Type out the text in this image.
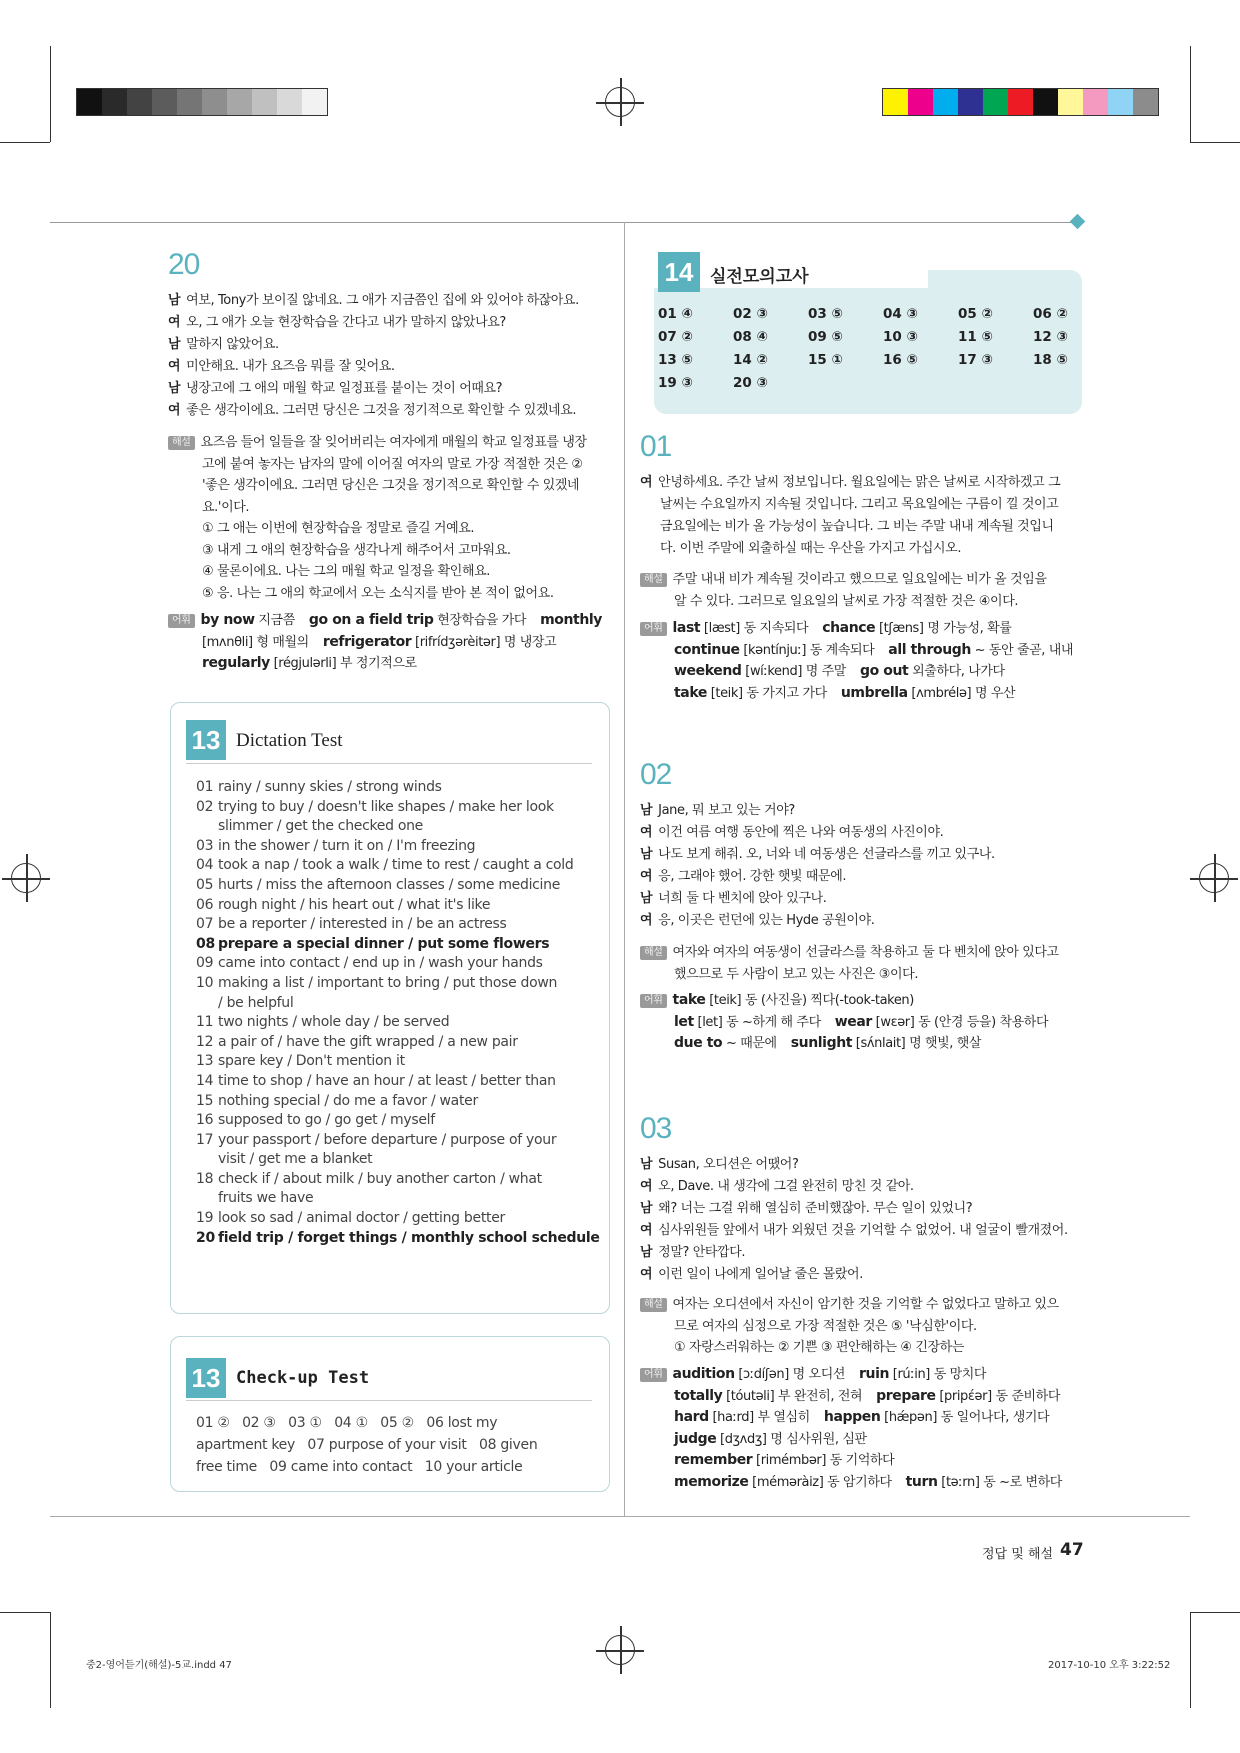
20
남 여보, Tony가 보이질 않네요. 그 애가 지금쯤인 집에 와 있어야 하잖아요.
여 오, 그 애가 오늘 현장학습을 간다고 내가 말하지 않았나요?
남 말하지 않았어요.
여 미안해요. 내가 요즈음 뭐를 잘 잊어요.
남 냉장고에 그 애의 매월 학교 일정표를 붙이는 것이 어때요?
여 좋은 생각이에요. 그러면 당신은 그것을 정기적으로 확인할 수 있겠네요.
해설 요즈음 들어 일들을 잘 잊어버리는 여자에게 매월의 학교 일정표를 냉장
고에 붙여 놓자는 남자의 말에 이어질 여자의 말로 가장 적절한 것은 ②
'좋은 생각이에요. 그러면 당신은 그것을 정기적으로 확인할 수 있겠네
요.'이다.
① 그 애는 이번에 현장학습을 정말로 즐길 거예요.
③ 내게 그 애의 현장학습을 생각나게 해주어서 고마워요.
④ 물론이에요. 나는 그의 매월 학교 일정을 확인해요.
⑤ 응. 나는 그 애의 학교에서 오는 소식지를 받아 본 적이 없어요.
어휘 by now 지금쯤 go on a field trip 현장학습을 가다 monthly
[mʌnθli] 형 매월의 refrigerator [rifrídʒərèitər] 명 냉장고
regularly [régjulərli] 부 정기적으로
13 Dictation Test
01 rainy / sunny skies / strong winds
02 trying to buy / doesn't like shapes / make her look
slimmer / get the checked one
03 in the shower / turn it on / I'm freezing
04 took a nap / took a walk / time to rest / caught a cold
05 hurts / miss the afternoon classes / some medicine
06 rough night / his heart out / what it's like
07 be a reporter / interested in / be an actress
08 prepare a special dinner / put some flowers
09 came into contact / end up in / wash your hands
10 making a list / important to bring / put those down
/ be helpful
11 two nights / whole day / be served
12 a pair of / have the gift wrapped / a new pair
13 spare key / Don't mention it
14 time to shop / have an hour / at least / better than
15 nothing special / do me a favor / water
16 supposed to go / go get / myself
17 your passport / before departure / purpose of your
visit / get me a blanket
18 check if / about milk / buy another carton / what
fruits we have
19 look so sad / animal doctor / getting better
20 field trip / forget things / monthly school schedule
13 Check-up Test
01 ②   02 ③   03 ①   04 ①   05 ②   06 lost my
apartment key   07 purpose of your visit   08 given
free time   09 came into contact   10 your article
14 실전모의고사
01 ④	02 ③	03 ⑤	04 ③	05 ②	06 ②
07 ②	08 ④	09 ⑤	10 ③	11 ⑤	12 ③
13 ⑤	14 ②	15 ①	16 ⑤	17 ③	18 ⑤
19 ③	20 ③
01
여 안녕하세요. 주간 날씨 정보입니다. 월요일에는 맑은 날씨로 시작하겠고 그
날씨는 수요일까지 지속될 것입니다. 그리고 목요일에는 구름이 낄 것이고
금요일에는 비가 올 가능성이 높습니다. 그 비는 주말 내내 계속될 것입니
다. 이번 주말에 외출하실 때는 우산을 가지고 가십시오.
해설 주말 내내 비가 계속될 것이라고 했으므로 일요일에는 비가 올 것임을
알 수 있다. 그러므로 일요일의 날씨로 가장 적절한 것은 ④이다.
어휘 last [læst] 동 지속되다 chance [tʃæns] 명 가능성, 확률
continue [kəntínjuː] 동 계속되다 all through ~ 동안 줄곧, 내내
weekend [wíːkend] 명 주말 go out 외출하다, 나가다
take [teik] 동 가지고 가다 umbrella [ʌmbrélə] 명 우산
02
남 Jane, 뭐 보고 있는 거야?
여 이건 여름 여행 동안에 찍은 나와 여동생의 사진이야.
남 나도 보게 해줘. 오, 너와 네 여동생은 선글라스를 끼고 있구나.
여 응, 그래야 했어. 강한 햇빛 때문에.
남 너희 둘 다 벤치에 앉아 있구나.
여 응, 이곳은 런던에 있는 Hyde 공원이야.
해설 여자와 여자의 여동생이 선글라스를 착용하고 둘 다 벤치에 앉아 있다고
했으므로 두 사람이 보고 있는 사진은 ③이다.
어휘 take [teik] 동 (사진을) 찍다(-took-taken)
let [let] 동 ~하게 해 주다 wear [wɛər] 동 (안경 등을) 착용하다
due to ~ 때문에 sunlight [sʌ́nlait] 명 햇빛, 햇살
03
남 Susan, 오디션은 어땠어?
여 오, Dave. 내 생각에 그걸 완전히 망친 것 같아.
남 왜? 너는 그걸 위해 열심히 준비했잖아. 무슨 일이 있었니?
여 심사위원들 앞에서 내가 외웠던 것을 기억할 수 없었어. 내 얼굴이 빨개졌어.
남 정말? 안타깝다.
여 이런 일이 나에게 일어날 줄은 몰랐어.
해설 여자는 오디션에서 자신이 암기한 것을 기억할 수 없었다고 말하고 있으
므로 여자의 심정으로 가장 적절한 것은 ⑤ '낙심한'이다.
① 자랑스러워하는 ② 기쁜 ③ 편안해하는 ④ 긴장하는
어휘 audition [ɔːdíʃən] 명 오디션 ruin [rúːin] 동 망치다
totally [tóutəli] 부 완전히, 전혀 prepare [pripɛ́ər] 동 준비하다
hard [haːrd] 부 열심히 happen [hǽpən] 동 일어나다, 생기다
judge [dʒʌdʒ] 명 심사위원, 심판
remember [rimémbər] 동 기억하다
memorize [méməràiz] 동 암기하다 turn [təːrn] 동 ~로 변하다
정답 및 해설 47
중2-영어듣기(해설)-5교.indd 47	2017-10-10 오후 3:22:52
